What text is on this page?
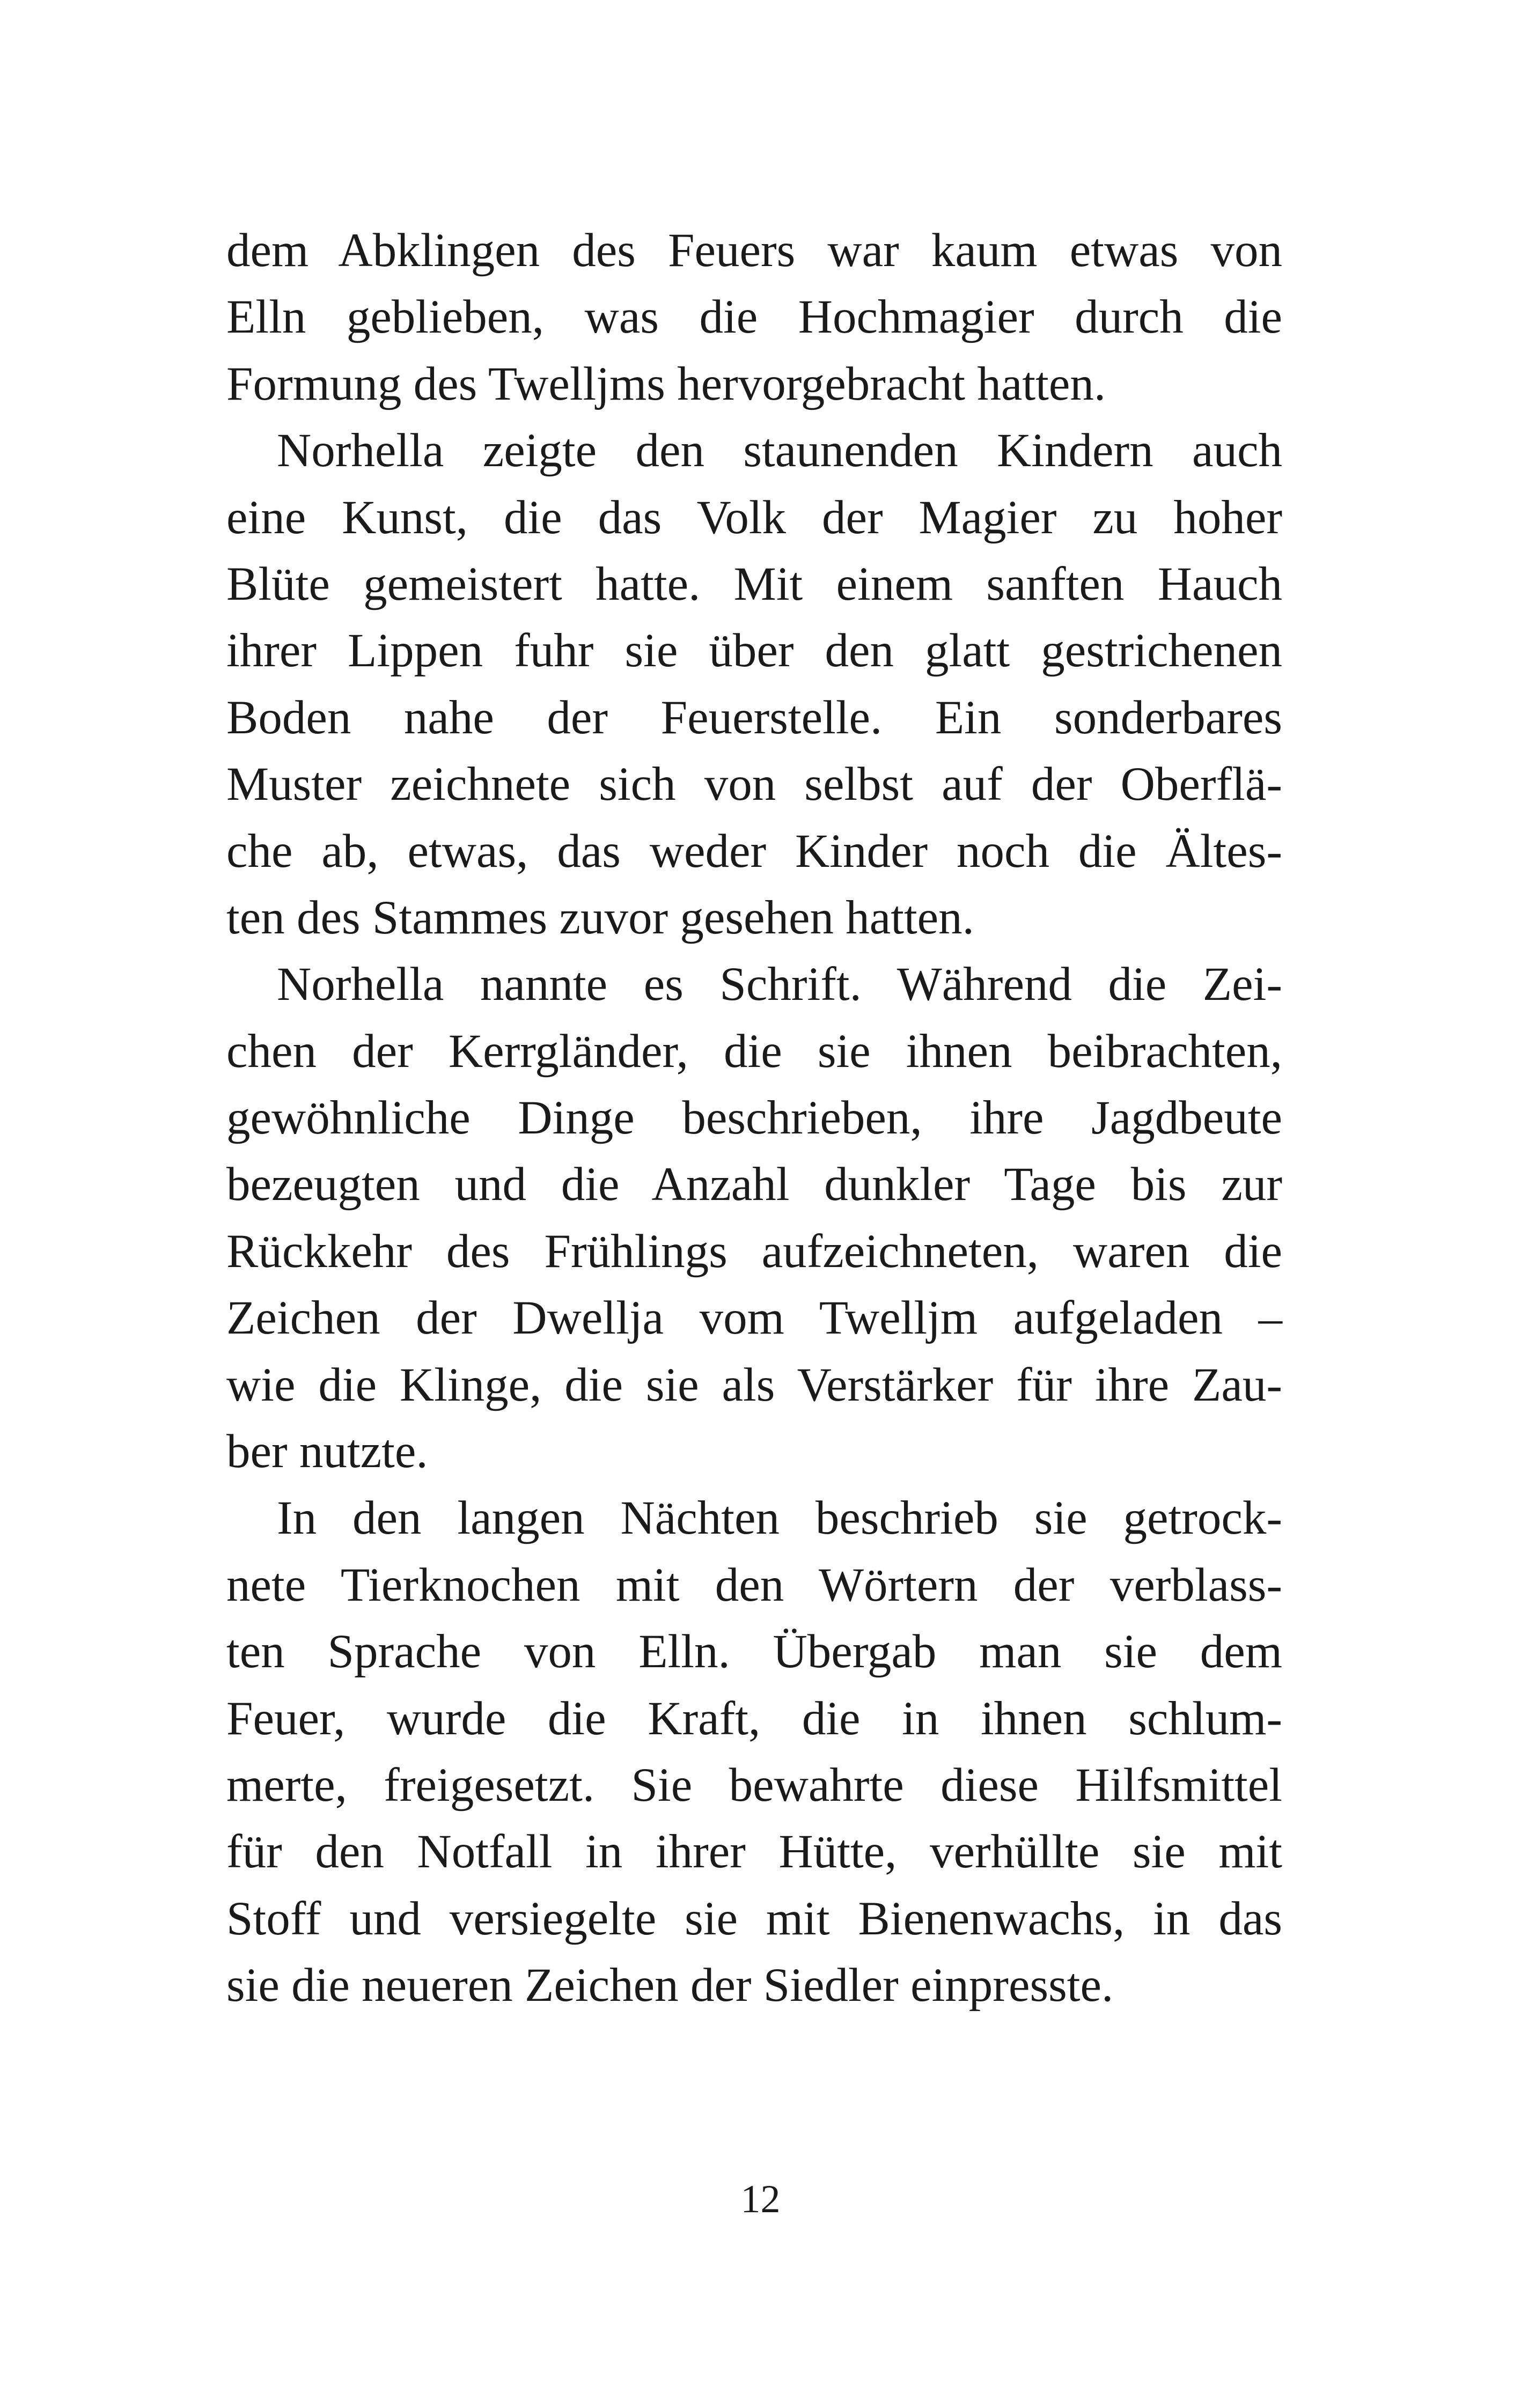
dem Abklingen des Feuers war kaum etwas von
Elln geblieben, was die Hochmagier durch die
Formung des Twelljms hervorgebracht hatten.

Norhella zeigte den staunenden Kindern auch
eine Kunst, die das Volk der Magier zu hoher
Blüte gemeistert hatte. Mit einem sanften Hauch
ihrer Lippen fuhr sie über den glatt gestrichenen
Boden nahe der Feuerstelle. Ein sonderbares
Muster zeichnete sich von selbst auf der Oberflä-
che ab, etwas, das weder Kinder noch die Ältes-
ten des Stammes zuvor gesehen hatten.

Norhella nannte es Schrift. Während die Zei-
chen der Kerrgländer, die sie ihnen beibrachten,
gewöhnliche Dinge beschrieben, ihre Jagdbeute
bezeugten und die Anzahl dunkler Tage bis zur
Rückkehr des Frühlings aufzeichneten, waren die
Zeichen der Dwellja vom Twelljm aufgeladen –
wie die Klinge, die sie als Verstärker für ihre Zau-
ber nutzte.

In den langen Nächten beschrieb sie getrock-
nete Tierknochen mit den Wörtern der verblass-
ten Sprache von Elln. Übergab man sie dem
Feuer, wurde die Kraft, die in ihnen schlum-
merte, freigesetzt. Sie bewahrte diese Hilfsmittel
für den Notfall in ihrer Hütte, verhüllte sie mit
Stoff und versiegelte sie mit Bienenwachs, in das
sie die neueren Zeichen der Siedler einpresste.

12
